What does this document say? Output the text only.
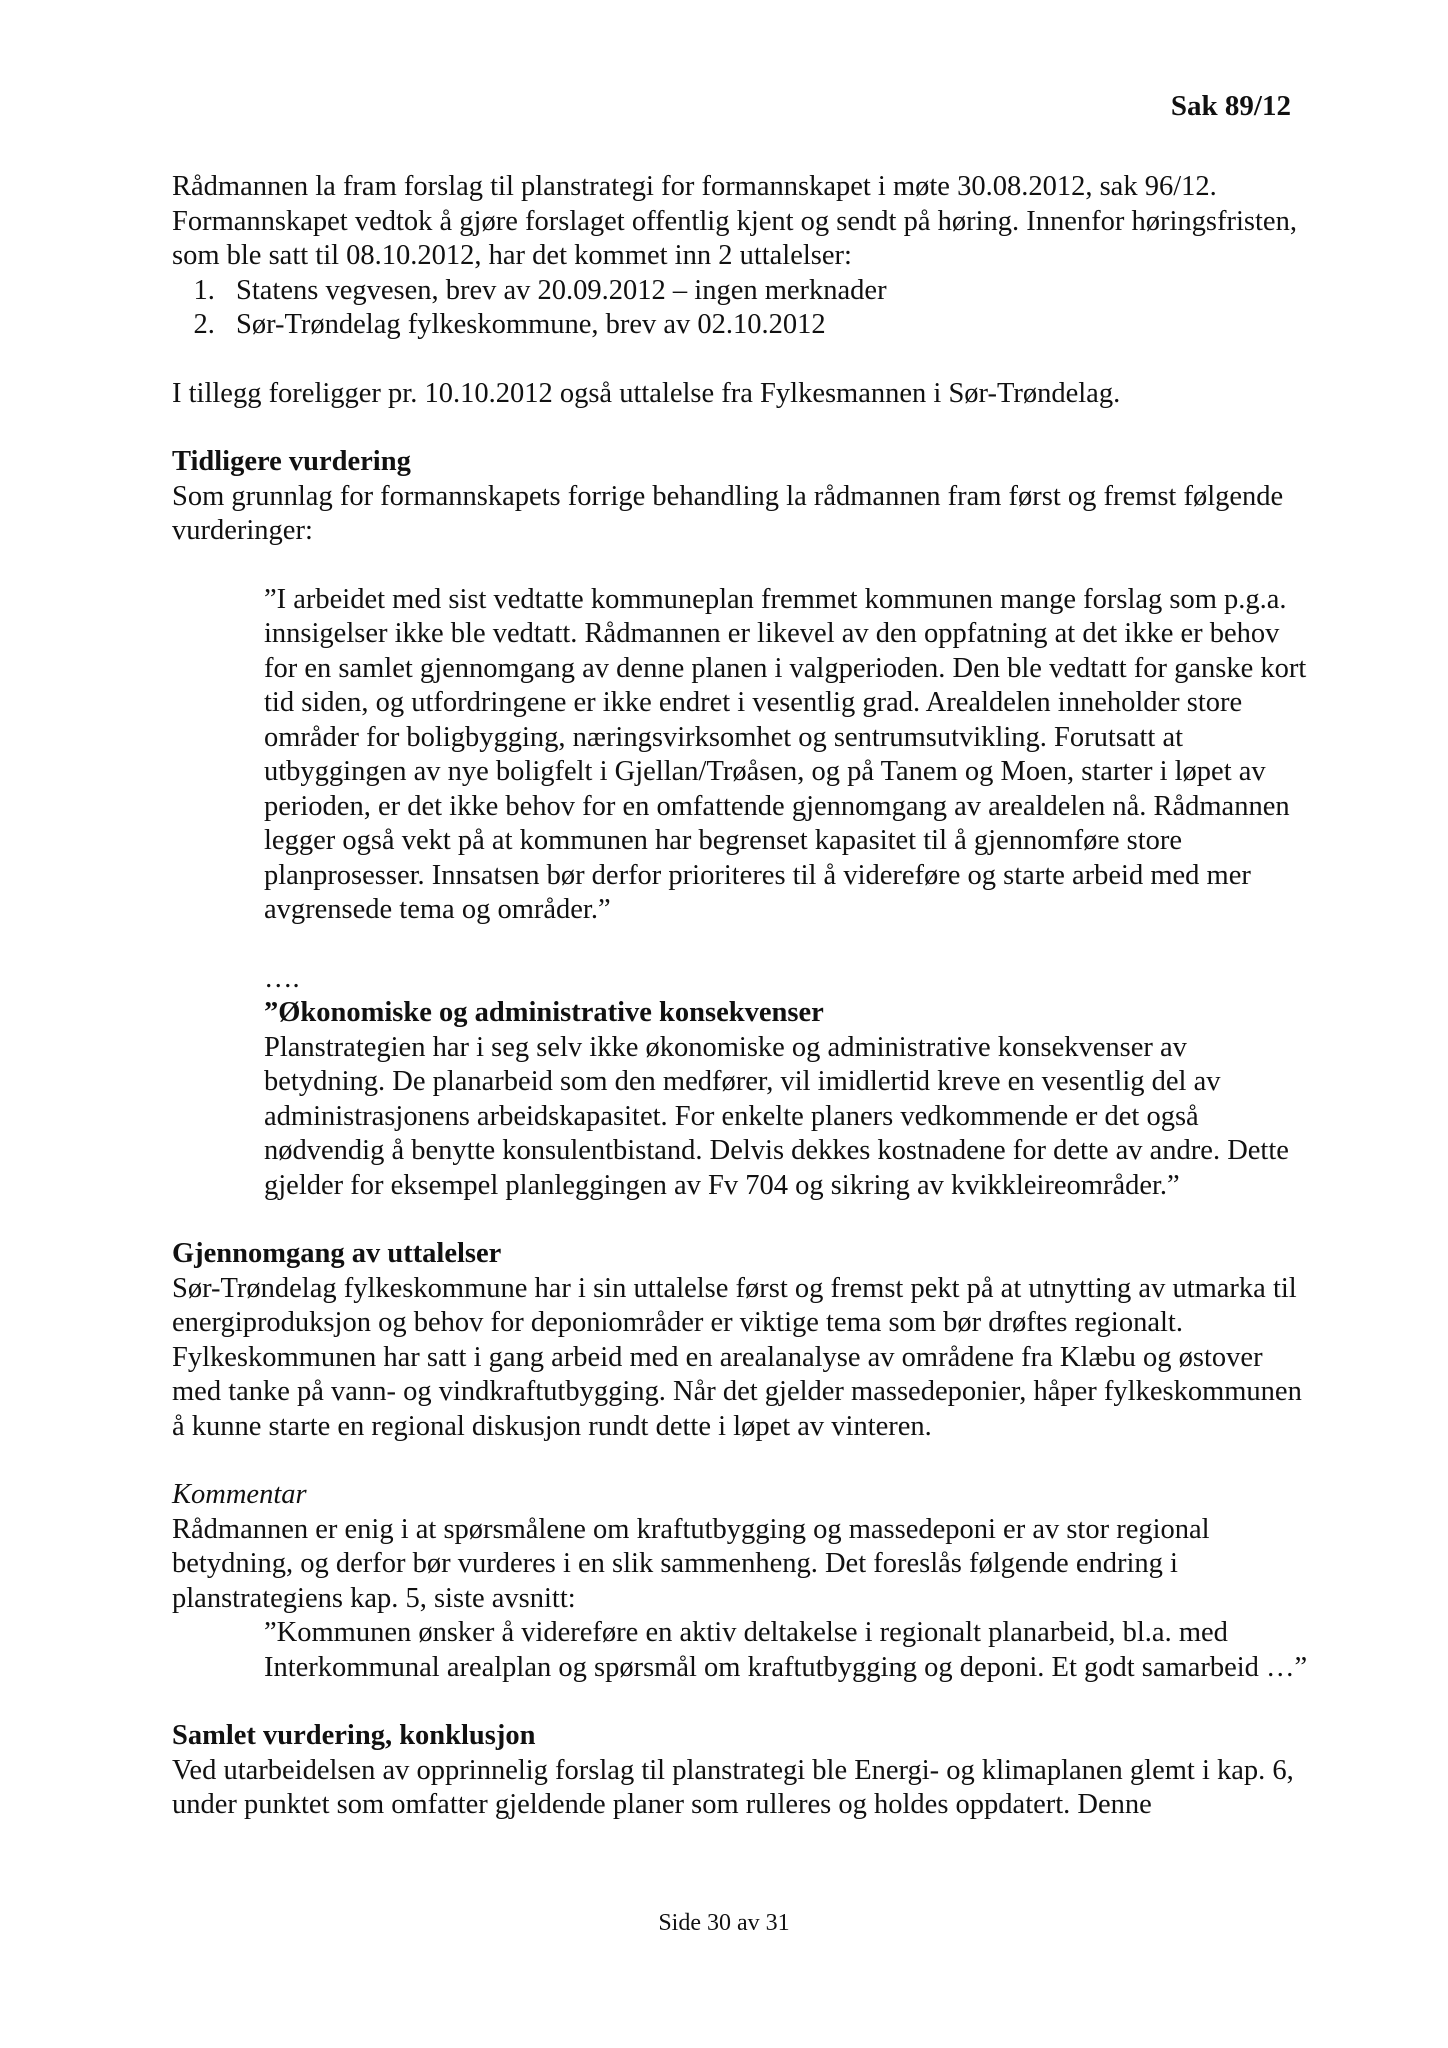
Sak 89/12

Rådmannen la fram forslag til planstrategi for formannskapet i møte 30.08.2012, sak 96/12. Formannskapet vedtok å gjøre forslaget offentlig kjent og sendt på høring. Innenfor høringsfristen, som ble satt til 08.10.2012, har det kommet inn 2 uttalelser:

1. Statens vegvesen, brev av 20.09.2012 – ingen merknader
2. Sør-Trøndelag fylkeskommune, brev av 02.10.2012

I tillegg foreligger pr. 10.10.2012 også uttalelse fra Fylkesmannen i Sør-Trøndelag.

Tidligere vurdering

Som grunnlag for formannskapets forrige behandling la rådmannen fram først og fremst følgende vurderinger:

”I arbeidet med sist vedtatte kommuneplan fremmet kommunen mange forslag som p.g.a. innsigelser ikke ble vedtatt. Rådmannen er likevel av den oppfatning at det ikke er behov for en samlet gjennomgang av denne planen i valgperioden. Den ble vedtatt for ganske kort tid siden, og utfordringene er ikke endret i vesentlig grad. Arealdelen inneholder store områder for boligbygging, næringsvirksomhet og sentrumsutvikling. Forutsatt at utbyggingen av nye boligfelt i Gjellan/Trøåsen, og på Tanem og Moen, starter i løpet av perioden, er det ikke behov for en omfattende gjennomgang av arealdelen nå. Rådmannen legger også vekt på at kommunen har begrenset kapasitet til å gjennomføre store planprosesser. Innsatsen bør derfor prioriteres til å videreføre og starte arbeid med mer avgrensede tema og områder.”

….

”Økonomiske og administrative konsekvenser

Planstrategien har i seg selv ikke økonomiske og administrative konsekvenser av betydning. De planarbeid som den medfører, vil imidlertid kreve en vesentlig del av administrasjonens arbeidskapasitet. For enkelte planers vedkommende er det også nødvendig å benytte konsulentbistand. Delvis dekkes kostnadene for dette av andre. Dette gjelder for eksempel planleggingen av Fv 704 og sikring av kvikkleireområder.”

Gjennomgang av uttalelser

Sør-Trøndelag fylkeskommune har i sin uttalelse først og fremst pekt på at utnytting av utmarka til energiproduksjon og behov for deponiområder er viktige tema som bør drøftes regionalt. Fylkeskommunen har satt i gang arbeid med en arealanalyse av områdene fra Klæbu og østover med tanke på vann- og vindkraftutbygging. Når det gjelder massedeponier, håper fylkeskommunen å kunne starte en regional diskusjon rundt dette i løpet av vinteren.

Kommentar

Rådmannen er enig i at spørsmålene om kraftutbygging og massedeponi er av stor regional betydning, og derfor bør vurderes i en slik sammenheng. Det foreslås følgende endring i planstrategiens kap. 5, siste avsnitt:

”Kommunen ønsker å videreføre en aktiv deltakelse i regionalt planarbeid, bl.a. med Interkommunal arealplan og spørsmål om kraftutbygging og deponi. Et godt samarbeid …”

Samlet vurdering, konklusjon

Ved utarbeidelsen av opprinnelig forslag til planstrategi ble Energi- og klimaplanen glemt i kap. 6, under punktet som omfatter gjeldende planer som rulleres og holdes oppdatert. Denne

Side 30 av 31
